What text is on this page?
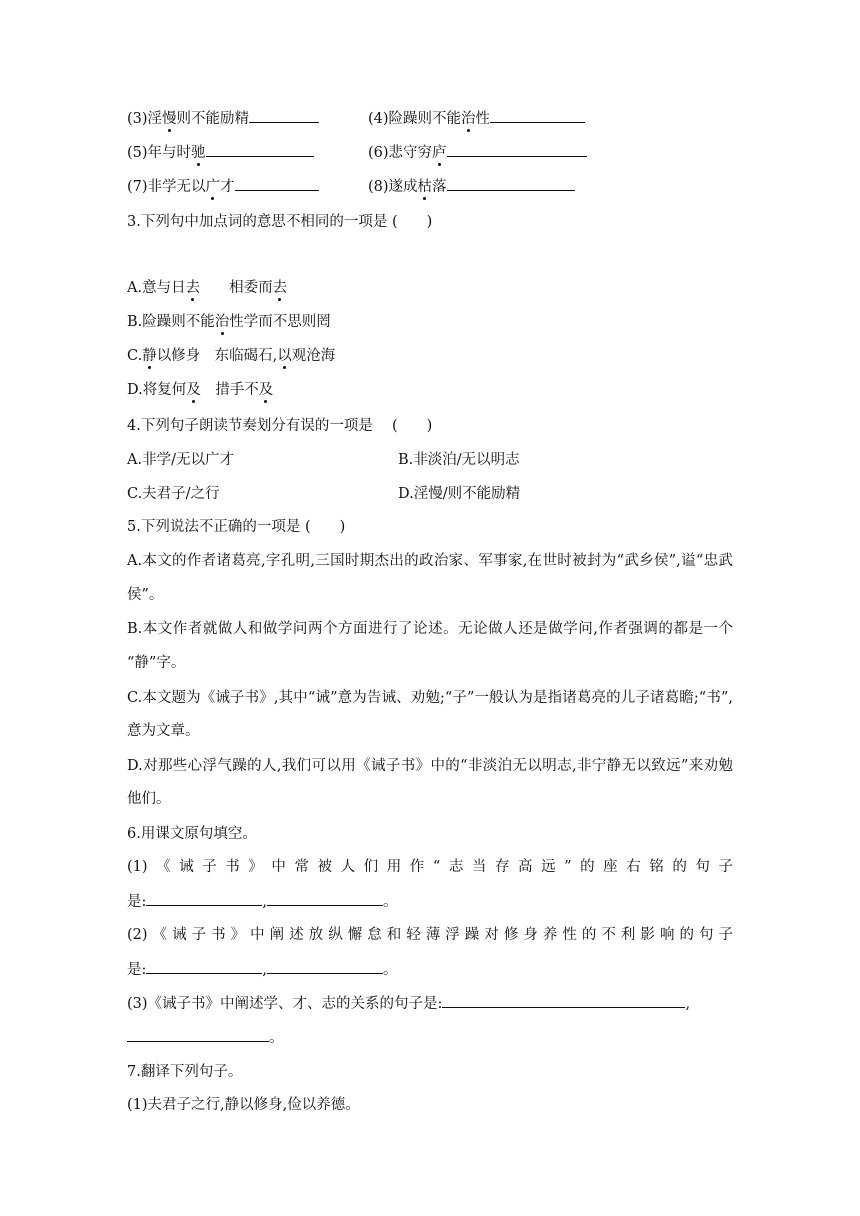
(3)淫慢则不能励精	(4)险躁则不能治性
(5)年与时驰	(6)悲守穷庐
(7)非学无以广才	(8)遂成枯落
3.下列句中加点词的意思不相同的一项是 (　　)
A.意与日去　　相委而去
B.险躁则不能治性学而不思则罔
C.静以修身　东临碣石,以观沧海
D.将复何及　措手不及
4.下列句子朗读节奏划分有误的一项是　 (　　)
A.非学/无以广才	B.非淡泊/无以明志
C.夫君子/之行	D.淫慢/则不能励精
5.下列说法不正确的一项是 (　　)
A.本文的作者诸葛亮,字孔明,三国时期杰出的政治家、军事家,在世时被封为“武乡侯”,谥“忠武
侯”。
B.本文作者就做人和做学问两个方面进行了论述。无论做人还是做学问,作者强调的都是一个
“静”字。
C.本文题为《诫子书》,其中“诫”意为告诫、劝勉;“子”一般认为是指诸葛亮的儿子诸葛瞻;“书”,
意为文章。
D.对那些心浮气躁的人,我们可以用《诫子书》中的“非淡泊无以明志,非宁静无以致远”来劝勉
他们。
6.用课文原句填空。
(1)《诫子书》中常被人们用作“志当存高远”的座右铭的句子
是:	,	。
(2)《诫子书》中阐述放纵懈怠和轻薄浮躁对修身养性的不利影响的句子
是:	,	。
(3)《诫子书》中阐述学、才、志的关系的句子是:	,
。
7.翻译下列句子。
(1)夫君子之行,静以修身,俭以养德。
